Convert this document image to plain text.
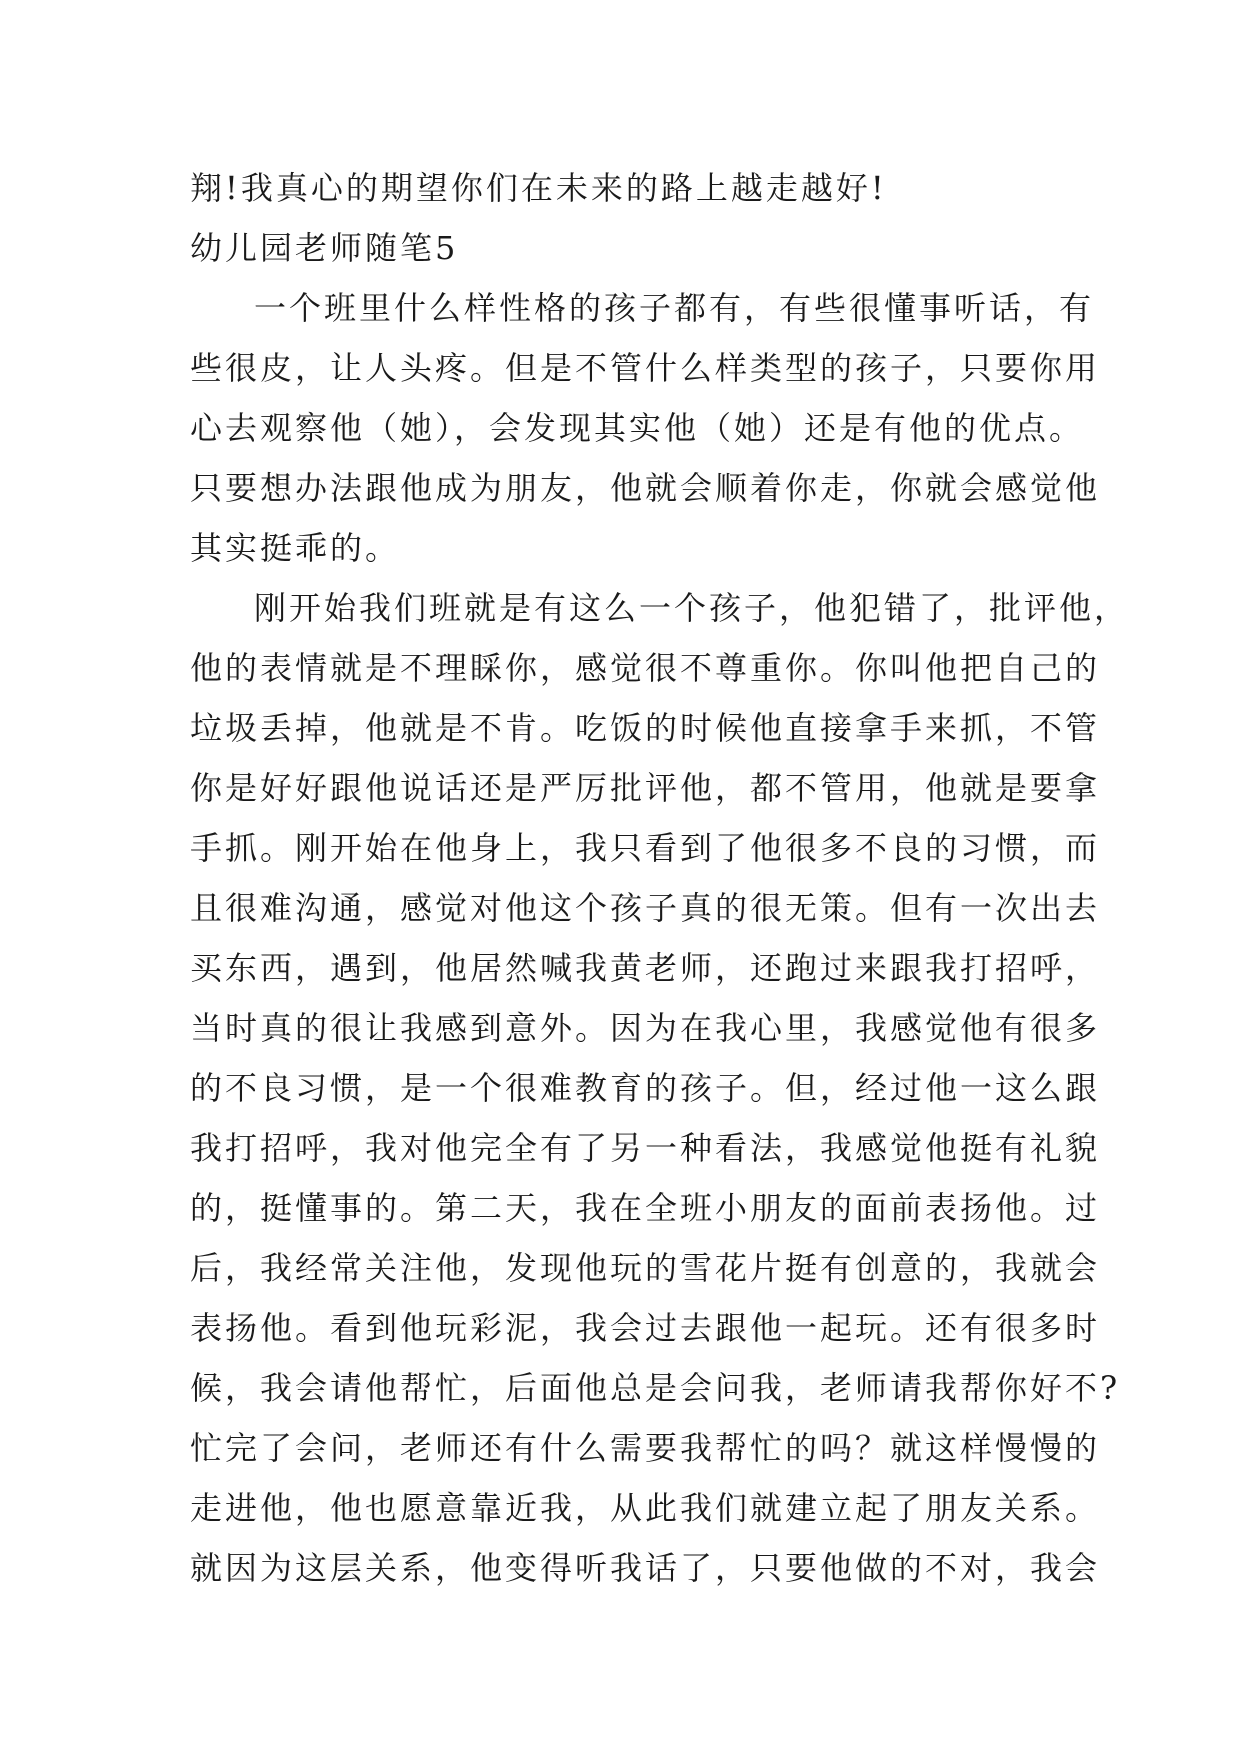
翔!我真心的期望你们在未来的路上越走越好!
幼儿园老师随笔5
一个班里什么样性格的孩子都有，有些很懂事听话，有
些很皮，让人头疼。但是不管什么样类型的孩子，只要你用
心去观察他（她），会发现其实他（她）还是有他的优点。
只要想办法跟他成为朋友，他就会顺着你走，你就会感觉他
其实挺乖的。
刚开始我们班就是有这么一个孩子，他犯错了，批评他，
他的表情就是不理睬你，感觉很不尊重你。你叫他把自己的
垃圾丢掉，他就是不肯。吃饭的时候他直接拿手来抓，不管
你是好好跟他说话还是严厉批评他，都不管用，他就是要拿
手抓。刚开始在他身上，我只看到了他很多不良的习惯，而
且很难沟通，感觉对他这个孩子真的很无策。但有一次出去
买东西，遇到，他居然喊我黄老师，还跑过来跟我打招呼，
当时真的很让我感到意外。因为在我心里，我感觉他有很多
的不良习惯，是一个很难教育的孩子。但，经过他一这么跟
我打招呼，我对他完全有了另一种看法，我感觉他挺有礼貌
的，挺懂事的。第二天，我在全班小朋友的面前表扬他。过
后，我经常关注他，发现他玩的雪花片挺有创意的，我就会
表扬他。看到他玩彩泥，我会过去跟他一起玩。还有很多时
候，我会请他帮忙，后面他总是会问我，老师请我帮你好不?
忙完了会问，老师还有什么需要我帮忙的吗？就这样慢慢的
走进他，他也愿意靠近我，从此我们就建立起了朋友关系。
就因为这层关系，他变得听我话了，只要他做的不对，我会
